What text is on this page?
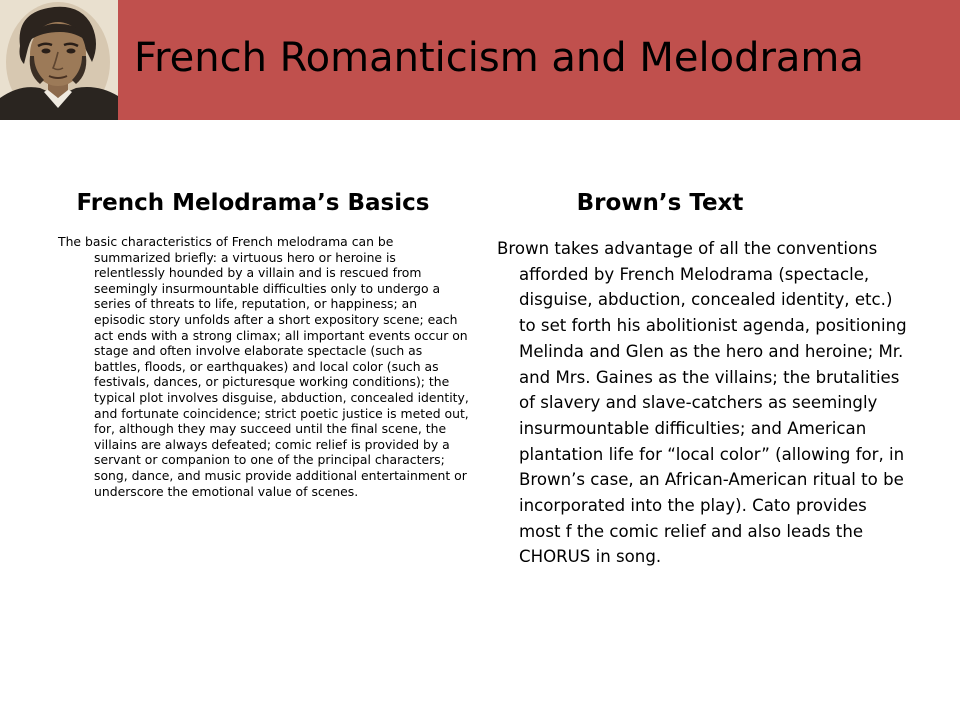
French Romanticism and Melodrama
French Melodrama’s Basics

The basic characteristics of French melodrama can be summarized briefly: a virtuous hero or heroine is relentlessly hounded by a villain and is rescued from seemingly insurmountable difficulties only to undergo a series of threats to life, reputation, or happiness; an episodic story unfolds after a short expository scene; each act ends with a strong climax; all important events occur on stage and often involve elaborate spectacle (such as battles, floods, or earthquakes) and local color (such as festivals, dances, or picturesque working conditions); the typical plot involves disguise, abduction, concealed identity, and fortunate coincidence; strict poetic justice is meted out, for, although they may succeed until the final scene, the villains are always defeated; comic relief is provided by a servant or companion to one of the principal characters; song, dance, and music provide additional entertainment or underscore the emotional value of scenes.

Brown’s Text

Brown takes advantage of all the conventions afforded by French Melodrama (spectacle, disguise, abduction, concealed identity, etc.) to set forth his abolitionist agenda, positioning Melinda and Glen as the hero and heroine; Mr. and Mrs. Gaines as the villains; the brutalities of slavery and slave-catchers as seemingly insurmountable difficulties; and American plantation life for “local color” (allowing for, in Brown’s case, an African-American ritual to be incorporated into the play). Cato provides most f the comic relief and also leads the CHORUS in song.
